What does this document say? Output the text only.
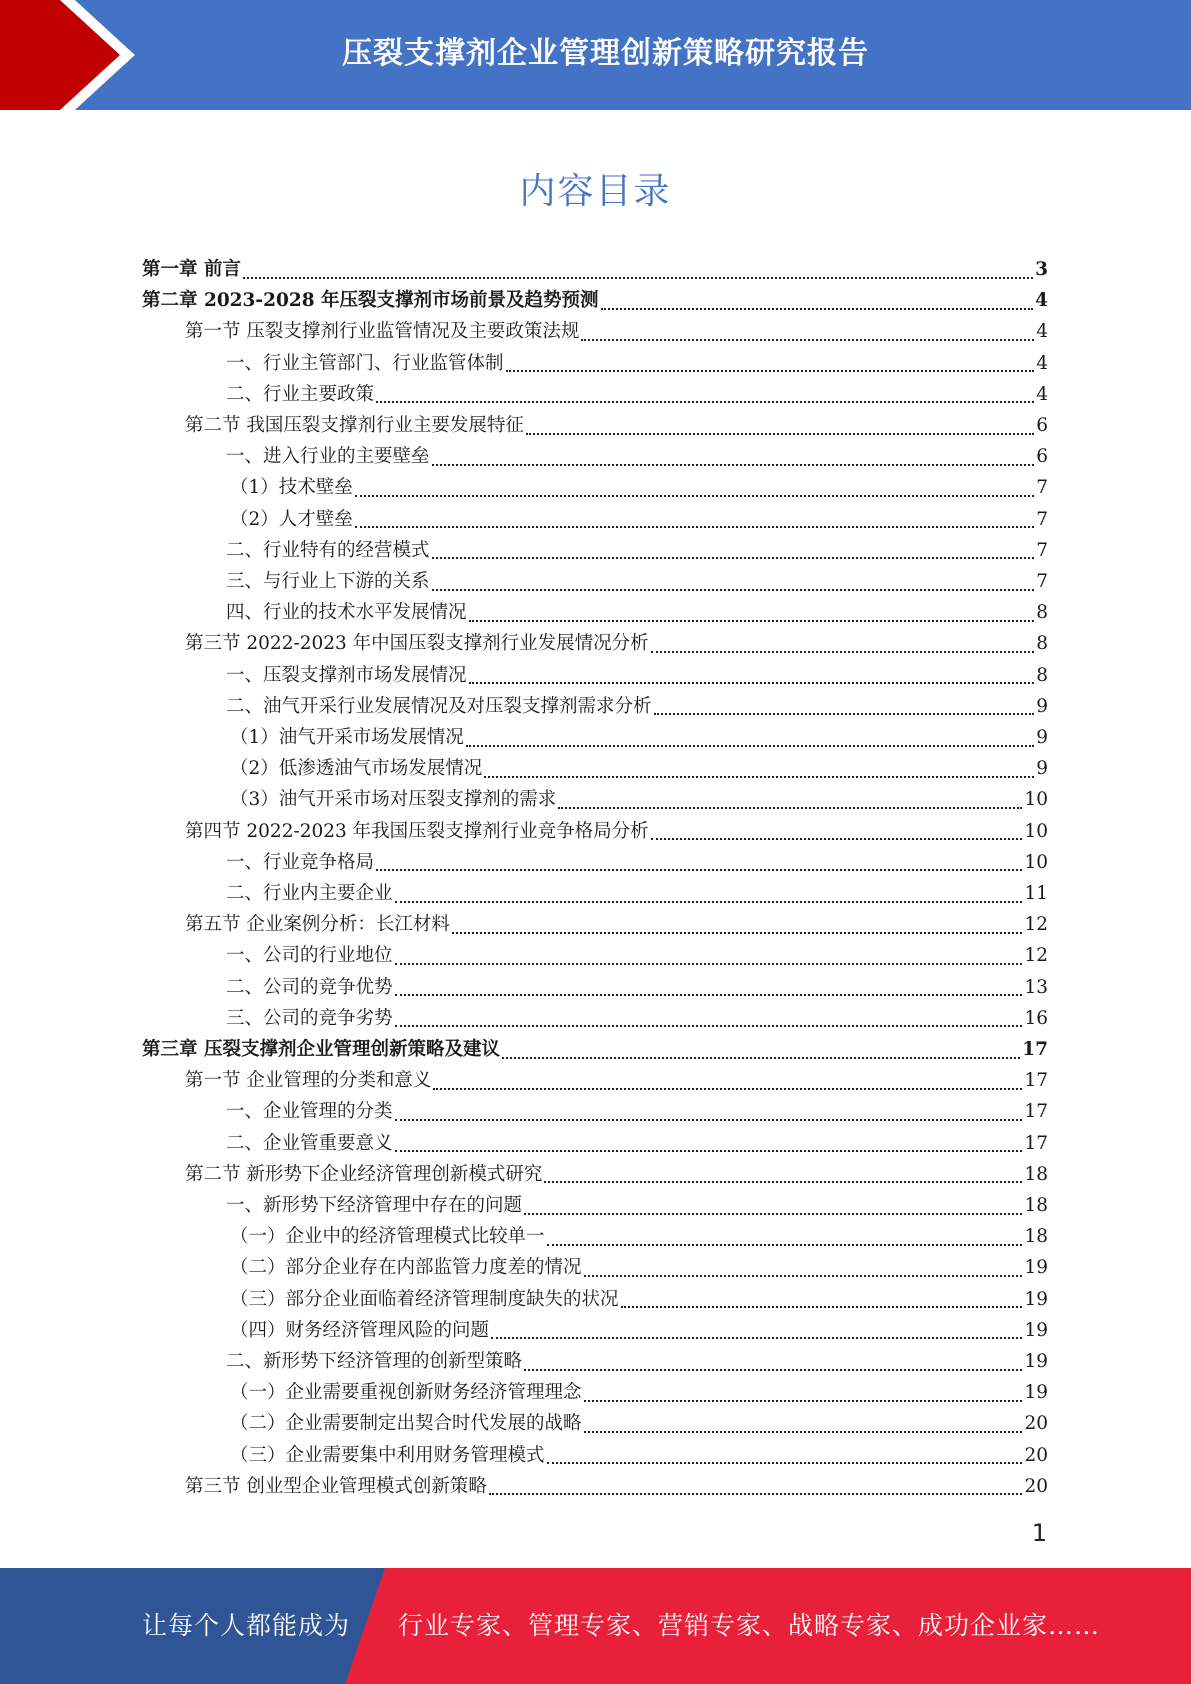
压裂支撑剂企业管理创新策略研究报告
内容目录
第一章 前言	3
第二章 2023-2028 年压裂支撑剂市场前景及趋势预测	4
第一节 压裂支撑剂行业监管情况及主要政策法规	4
一、行业主管部门、行业监管体制	4
二、行业主要政策	4
第二节 我国压裂支撑剂行业主要发展特征	6
一、进入行业的主要壁垒	6
（1）技术壁垒	7
（2）人才壁垒	7
二、行业特有的经营模式	7
三、与行业上下游的关系	7
四、行业的技术水平发展情况	8
第三节 2022-2023 年中国压裂支撑剂行业发展情况分析	8
一、压裂支撑剂市场发展情况	8
二、油气开采行业发展情况及对压裂支撑剂需求分析	9
（1）油气开采市场发展情况	9
（2）低渗透油气市场发展情况	9
（3）油气开采市场对压裂支撑剂的需求	10
第四节 2022-2023 年我国压裂支撑剂行业竞争格局分析	10
一、行业竞争格局	10
二、行业内主要企业	11
第五节 企业案例分析：长江材料	12
一、公司的行业地位	12
二、公司的竞争优势	13
三、公司的竞争劣势	16
第三章 压裂支撑剂企业管理创新策略及建议	17
第一节 企业管理的分类和意义	17
一、企业管理的分类	17
二、企业管重要意义	17
第二节 新形势下企业经济管理创新模式研究	18
一、新形势下经济管理中存在的问题	18
（一）企业中的经济管理模式比较单一	18
（二）部分企业存在内部监管力度差的情况	19
（三）部分企业面临着经济管理制度缺失的状况	19
（四）财务经济管理风险的问题	19
二、新形势下经济管理的创新型策略	19
（一）企业需要重视创新财务经济管理理念	19
（二）企业需要制定出契合时代发展的战略	20
（三）企业需要集中利用财务管理模式	20
第三节 创业型企业管理模式创新策略	20
1
让每个人都能成为 行业专家、管理专家、营销专家、战略专家、成功企业家……
